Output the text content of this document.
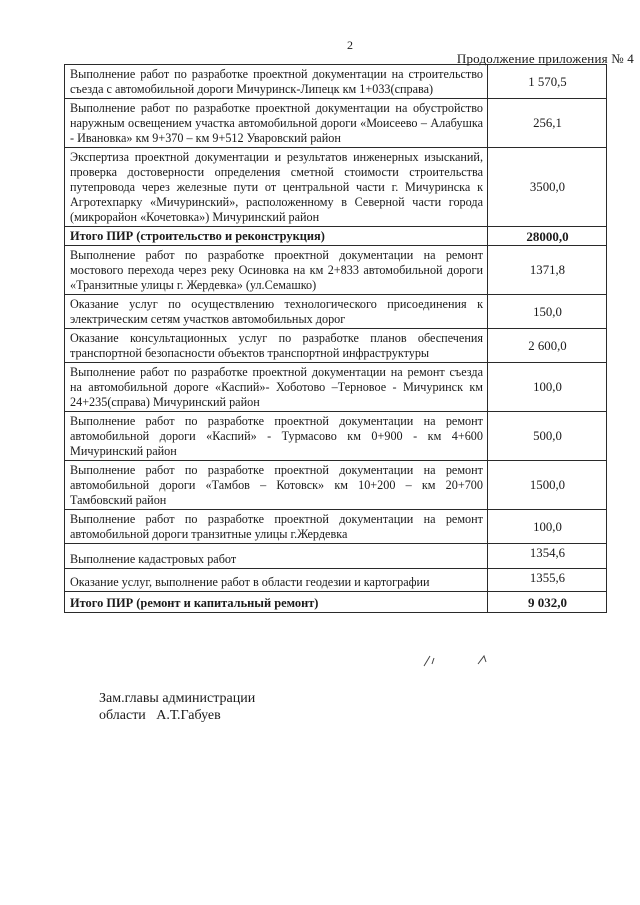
2
Продолжение приложения № 4
Выполнение работ по разработке проектной документации на строительство съезда с автомобильной дороги Мичуринск-Липецк км 1+033(справа)	1 570,5
Выполнение работ по разработке проектной документации на обустройство наружным освещением участка автомобильной дороги «Моисеево – Алабушка - Ивановка» км 9+370 – км 9+512 Уваровский район	256,1
Экспертиза проектной документации и результатов инженерных изысканий, проверка достоверности определения сметной стоимости строительства путепровода через железные пути от центральной части г. Мичуринска к Агротехпарку «Мичуринский», расположенному в Северной части города (микрорайон «Кочетовка») Мичуринский район	3500,0
Итого ПИР (строительство и реконструкция)	28000,0
Выполнение работ по разработке проектной документации на ремонт мостового перехода через реку Осиновка на км 2+833 автомобильной дороги «Транзитные улицы г. Жердевка» (ул.Семашко)	1371,8
Оказание услуг по осуществлению технологического присоединения к электрическим сетям участков автомобильных дорог	150,0
Оказание консультационных услуг по разработке планов обеспечения транспортной безопасности объектов транспортной инфраструктуры	2 600,0
Выполнение работ по разработке проектной документации на ремонт съезда на автомобильной дороге «Каспий»- Хоботово –Терновое - Мичуринск км 24+235(справа) Мичуринский район	100,0
Выполнение работ по разработке проектной документации на ремонт автомобильной дороги «Каспий» - Турмасово км 0+900 - км 4+600 Мичуринский район	500,0
Выполнение работ по разработке проектной документации на ремонт автомобильной дороги «Тамбов – Котовск» км 10+200 – км 20+700 Тамбовский район	1500,0
Выполнение работ по разработке проектной документации на ремонт автомобильной дороги транзитные улицы г.Жердевка	100,0
Выполнение кадастровых работ	1354,6
Оказание услуг, выполнение работ в области геодезии и картографии	1355,6
Итого ПИР (ремонт и капитальный ремонт)	9 032,0
Зам.главы администрации
области   А.Т.Габуев
